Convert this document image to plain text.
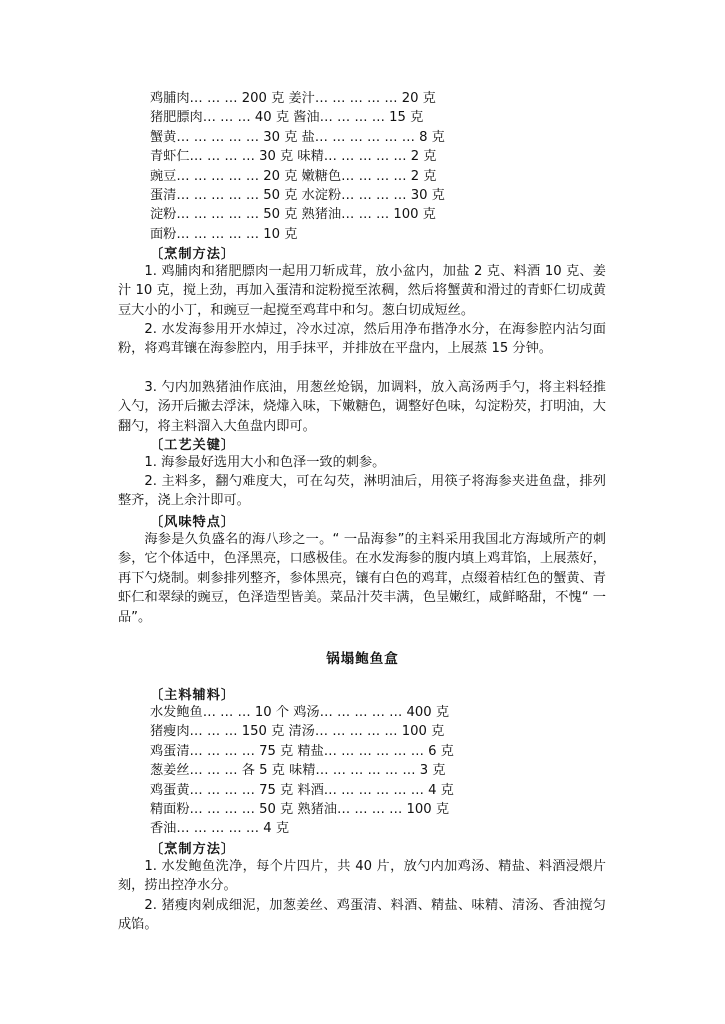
鸡脯肉… … … 200 克 姜汁… … … … … 20 克
猪肥膘肉… … … 40 克 酱油… … … … 15 克
蟹黄… … … … … 30 克 盐… … … … … … 8 克
青虾仁… … … … 30 克 味精… … … … … 2 克
豌豆… … … … … 20 克 嫩糖色… … … … 2 克
蛋清… … … … … 50 克 水淀粉… … … … 30 克
淀粉… … … … … 50 克 熟猪油… … … 100 克
面粉… … … … … 10 克
〔烹制方法〕

1. 鸡脯肉和猪肥膘肉一起用刀斩成茸，放小盆内，加盐 2 克、料酒 10 克、姜汁 10 克，搅上劲，再加入蛋清和淀粉搅至浓稠，然后将蟹黄和滑过的青虾仁切成黄豆大小的小丁，和豌豆一起搅至鸡茸中和匀。葱白切成短丝。

2. 水发海参用开水焯过，冷水过凉，然后用净布揩净水分，在海参腔内沾匀面粉，将鸡茸镶在海参腔内，用手抹平，并排放在平盘内，上展蒸 15 分钟。

3. 勺内加熟猪油作底油，用葱丝炝锅，加调料，放入高汤两手勺，将主料轻推入勺，汤开后撇去浮沫，烧㸆入味，下嫩糖色，调整好色味，勾淀粉芡，打明油，大翻勺，将主料溜入大鱼盘内即可。

〔工艺关键〕

1. 海参最好选用大小和色泽一致的刺参。

2. 主料多，翻勺难度大，可在勾芡，淋明油后，用筷子将海参夹进鱼盘，排列整齐，浇上余汁即可。

〔风味特点〕

海参是久负盛名的海八珍之一。“ 一品海参”的主料采用我国北方海域所产的刺参，它个体适中，色泽黑亮，口感极佳。在水发海参的腹内填上鸡茸馅，上展蒸好，再下勺烧制。刺参排列整齐，参体黑亮，镶有白色的鸡茸，点缀着桔红色的蟹黄、青虾仁和翠绿的豌豆，色泽造型皆美。菜品汁芡丰满，色呈嫩红，咸鲜略甜，不愧“ 一品”。

锅塌鲍鱼盒
〔主料辅料〕
水发鲍鱼… … … 10 个 鸡汤… … … … … 400 克
猪瘦肉… … … 150 克 清汤… … … … … 100 克
鸡蛋清… … … … 75 克 精盐… … … … … … 6 克
葱姜丝… … … 各 5 克 味精… … … … … … 3 克
鸡蛋黄… … … … 75 克 料酒… … … … … … 4 克
精面粉… … … … 50 克 熟猪油… … … … 100 克
香油… … … … … 4 克
〔烹制方法〕

1. 水发鲍鱼洗净，每个片四片，共 40 片，放勺内加鸡汤、精盐、料酒浸煨片刻，捞出控净水分。

2. 猪瘦肉剁成细泥，加葱姜丝、鸡蛋清、料酒、精盐、味精、清汤、香油搅匀成馅。
